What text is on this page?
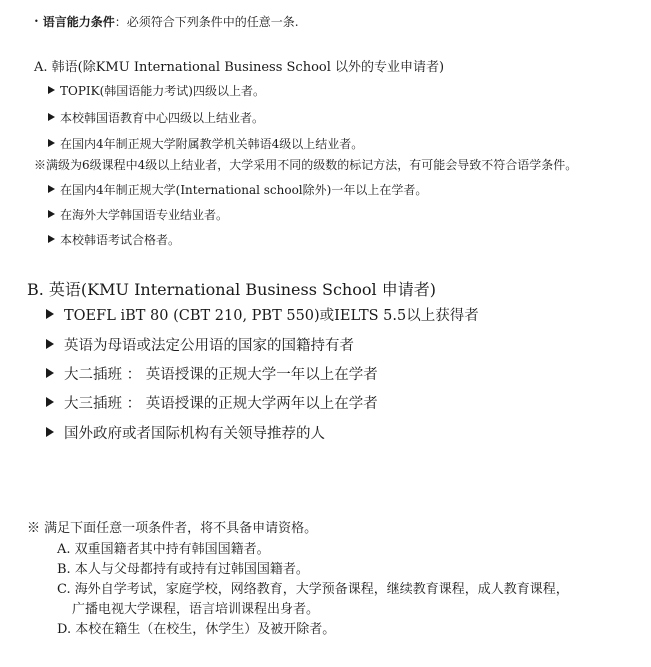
• 语言能力条件：必须符合下列条件中的任意一条.
A. 韩语(除KMU International Business School 以外的专业申请者)
TOPIK(韩国语能力考试)四级以上者。
本校韩国语教育中心四级以上结业者。
在国内4年制正规大学附属教学机关韩语4级以上结业者。
※满级为6级课程中4级以上结业者，大学采用不同的级数的标记方法，有可能会导致不符合语学条件。
在国内4年制正规大学(International school除外)一年以上在学者。
在海外大学韩国语专业结业者。
本校韩语考试合格者。
B. 英语(KMU International Business School 申请者)
TOEFL iBT 80 (CBT 210, PBT 550)或IELTS 5.5以上获得者
英语为母语或法定公用语的国家的国籍持有者
大二插班 ： 英语授课的正规大学一年以上在学者
大三插班 ： 英语授课的正规大学两年以上在学者
国外政府或者国际机构有关领导推荐的人
※ 满足下面任意一项条件者，将不具备申请资格。
A. 双重国籍者其中持有韩国国籍者。
B. 本人与父母都持有或持有过韩国国籍者。
C. 海外自学考试，家庭学校，网络教育，大学预备课程，继续教育课程，成人教育课程，
广播电视大学课程，语言培训课程出身者。
D. 本校在籍生（在校生，休学生）及被开除者。
